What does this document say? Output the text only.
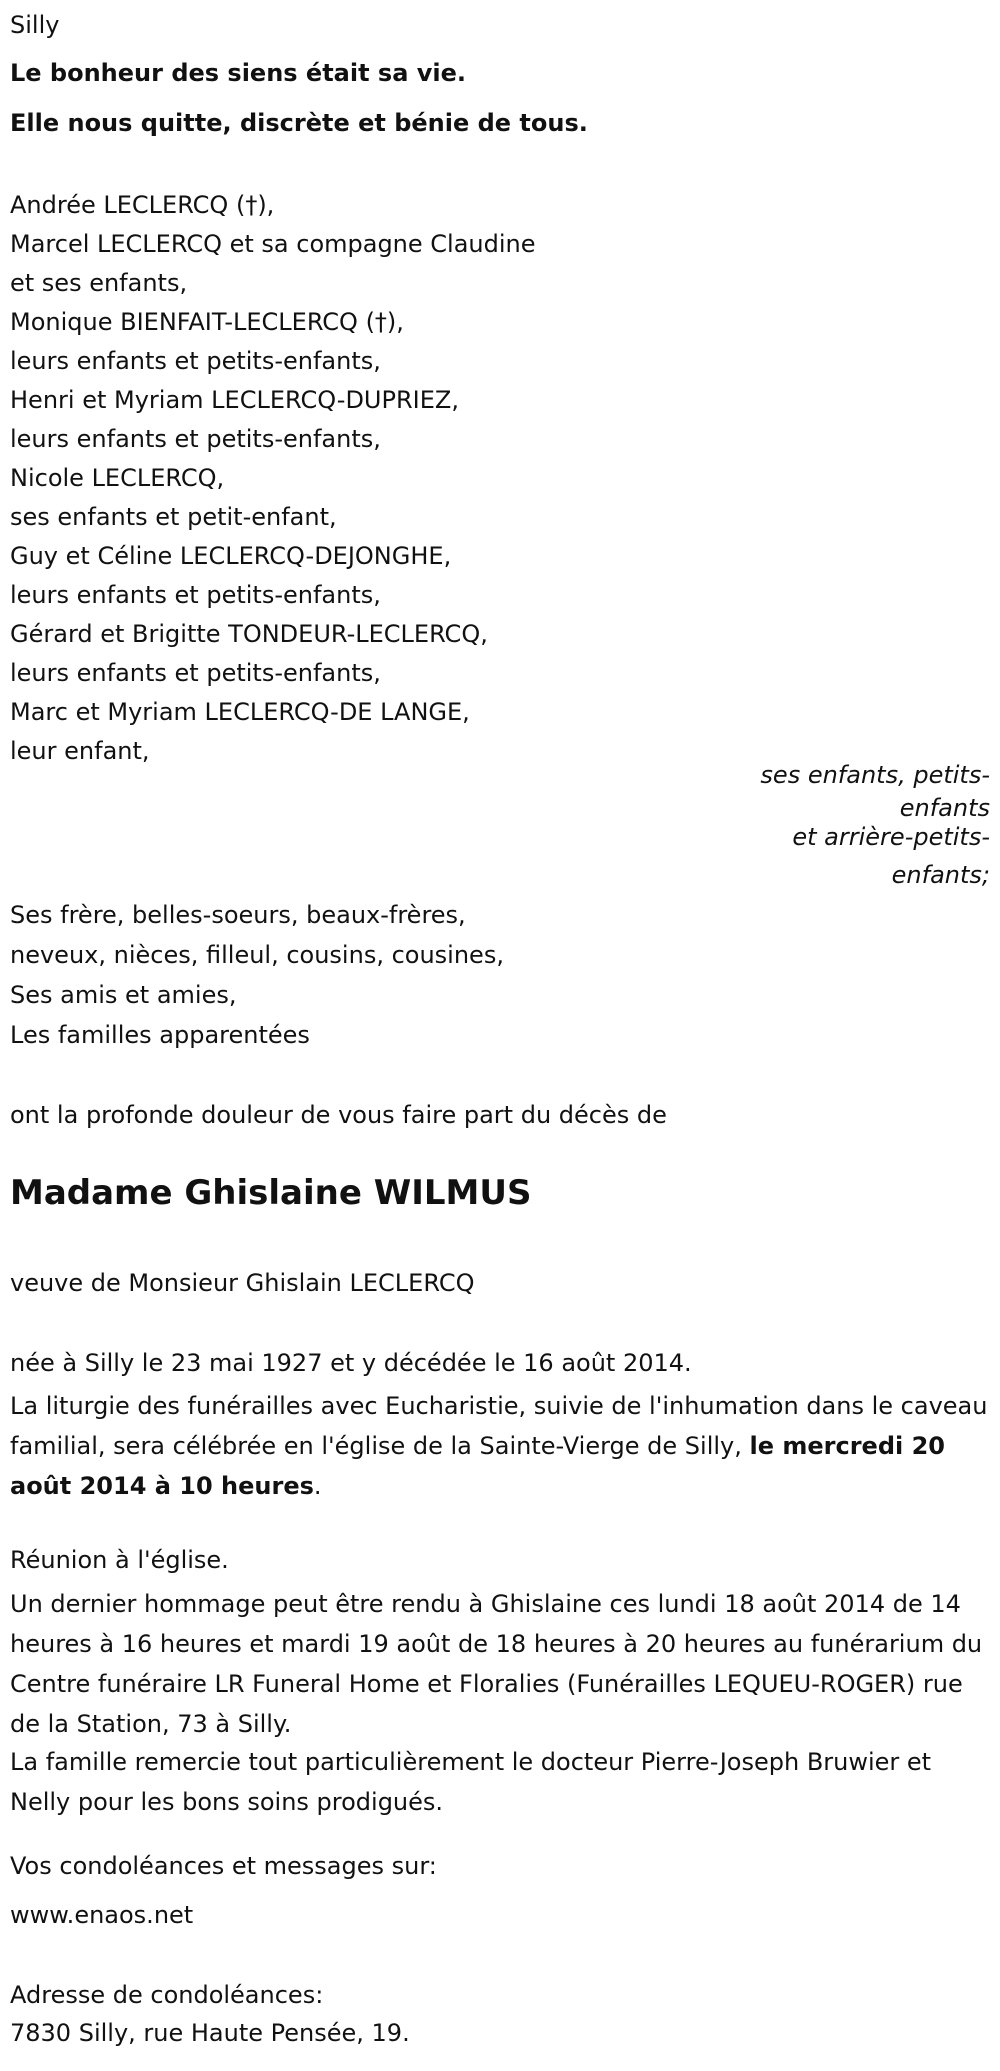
Silly

Le bonheur des siens était sa vie.

Elle nous quitte, discrète et bénie de tous.

Andrée LECLERCQ (†),

Marcel LECLERCQ et sa compagne Claudine

et ses enfants,

Monique BIENFAIT-LECLERCQ (†),

leurs enfants et petits-enfants,

Henri et Myriam LECLERCQ-DUPRIEZ,

leurs enfants et petits-enfants,

Nicole LECLERCQ,

ses enfants et petit-enfant,

Guy et Céline LECLERCQ-DEJONGHE,

leurs enfants et petits-enfants,

Gérard et Brigitte TONDEUR-LECLERCQ,

leurs enfants et petits-enfants,

Marc et Myriam LECLERCQ-DE LANGE,

leur enfant,

ses enfants, petits-

enfants

et arrière-petits-

enfants;

Ses frère, belles-soeurs, beaux-frères,

neveux, nièces, filleul, cousins, cousines,

Ses amis et amies,

Les familles apparentées

ont la profonde douleur de vous faire part du décès de

Madame Ghislaine WILMUS

veuve de Monsieur Ghislain LECLERCQ

née à Silly le 23 mai 1927 et y décédée le 16 août 2014.

La liturgie des funérailles avec Eucharistie, suivie de l'inhumation dans le caveau familial, sera célébrée en l'église de la Sainte-Vierge de Silly, le mercredi 20 août 2014 à 10 heures.

Réunion à l'église.

Un dernier hommage peut être rendu à Ghislaine ces lundi 18 août 2014 de 14 heures à 16 heures et mardi 19 août de 18 heures à 20 heures au funérarium du Centre funéraire LR Funeral Home et Floralies (Funérailles LEQUEU-ROGER) rue de la Station, 73 à Silly.

La famille remercie tout particulièrement le docteur Pierre-Joseph Bruwier et Nelly pour les bons soins prodigués.

Vos condoléances et messages sur:

www.enaos.net

Adresse de condoléances:

7830 Silly, rue Haute Pensée, 19.
